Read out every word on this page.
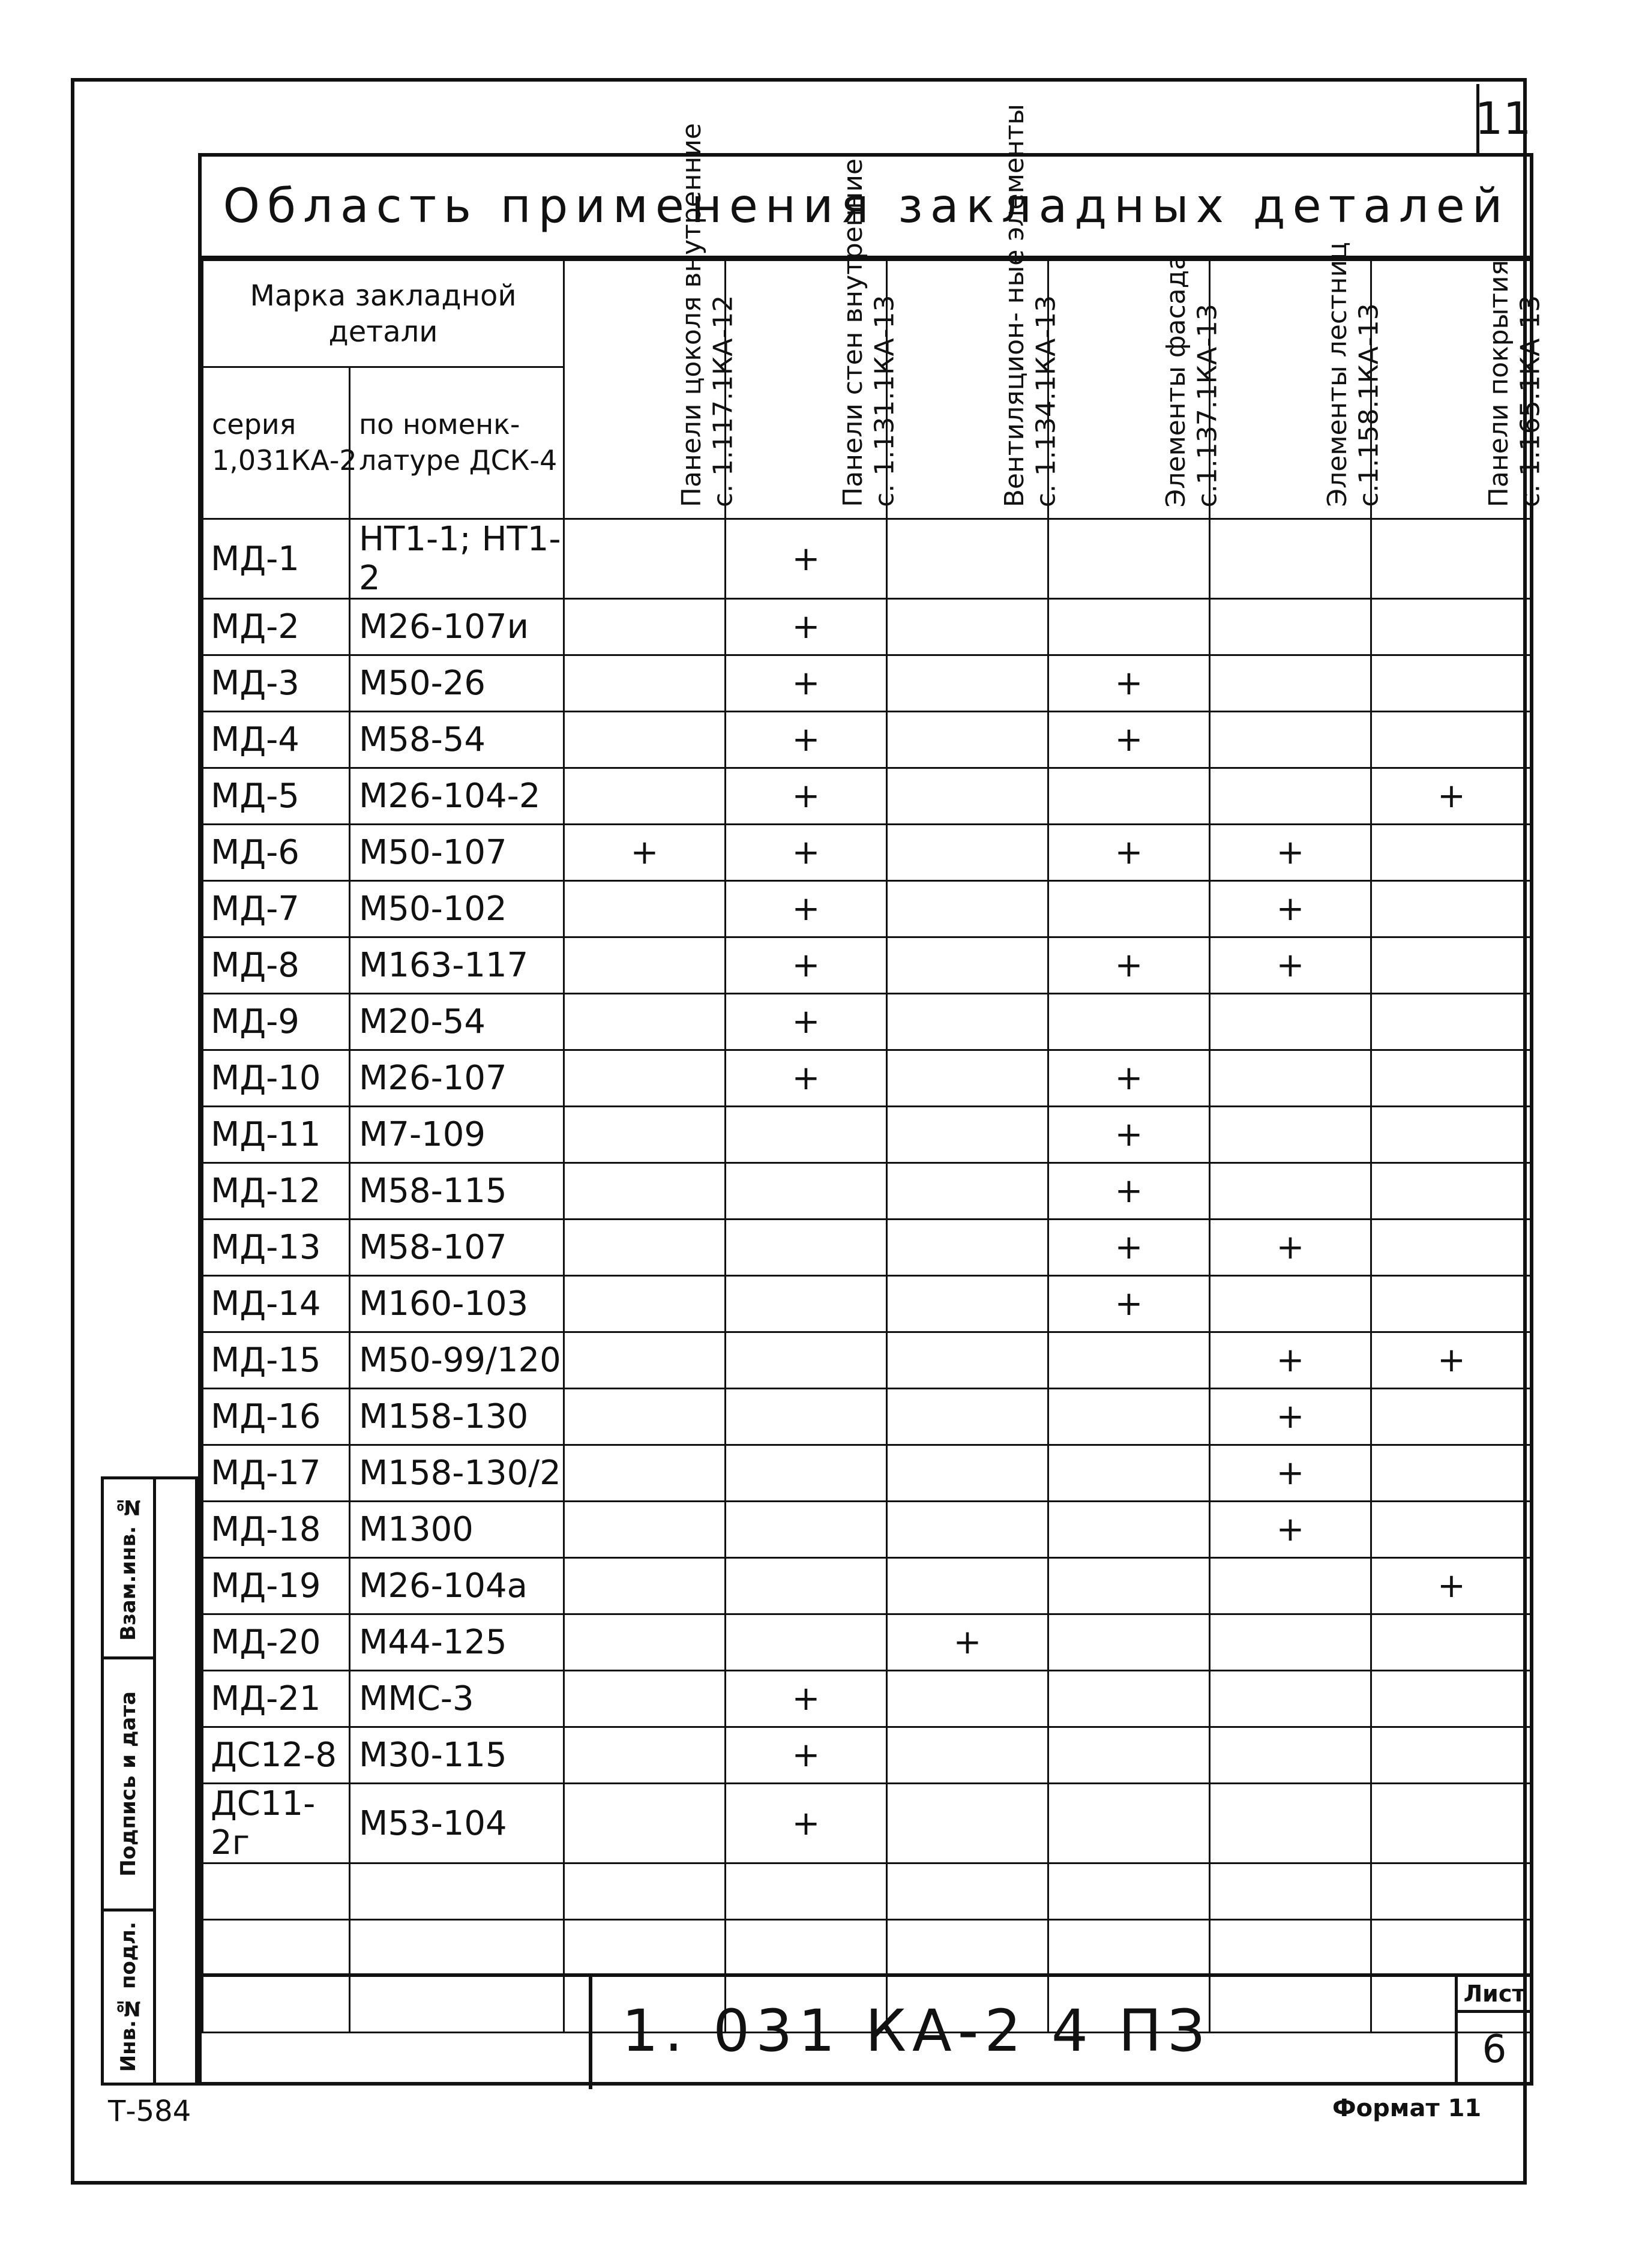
11
Область применения закладных деталей
Марка закладной детали		Панели цоколя внутренние с. 1.117.1КА-12	Панели стен внутренние с. 1.131.1КА-13	Вентиляцион- ные элементы с. 1.134.1КА-13	Элементы фасада с.1.137.1КА-13	Элементы лестниц с.1.158.1КА-13	Панели покрытия с. 1.165.1КА-13

серия 1,031КА-2	по номенк- латуре ДСК-4						
МД-1	НТ1-1; НТ1-2		+				
МД-2	М26-107и		+				
МД-3	М50-26		+		+		
МД-4	М58-54		+		+		
МД-5	М26-104-2		+				+
МД-6	М50-107	+	+		+	+	
МД-7	М50-102		+			+	
МД-8	М163-117		+		+	+	
МД-9	М20-54		+				
МД-10	М26-107		+		+		
МД-11	М7-109				+		
МД-12	М58-115				+		
МД-13	М58-107				+	+	
МД-14	М160-103				+		
МД-15	М50-99/120					+	+
МД-16	М158-130					+	
МД-17	М158-130/2					+	
МД-18	М1300					+	
МД-19	М26-104а						+
МД-20	М44-125			+			
МД-21	ММС-3		+				
ДС12-8	М30-115		+				
ДС11-2г	М53-104		+				

Взам.инв. №
Подпись и дата
Инв.№ подл.	1. 031 КА-2 4 ПЗ
Лист
6
Т-584	Формат 11
